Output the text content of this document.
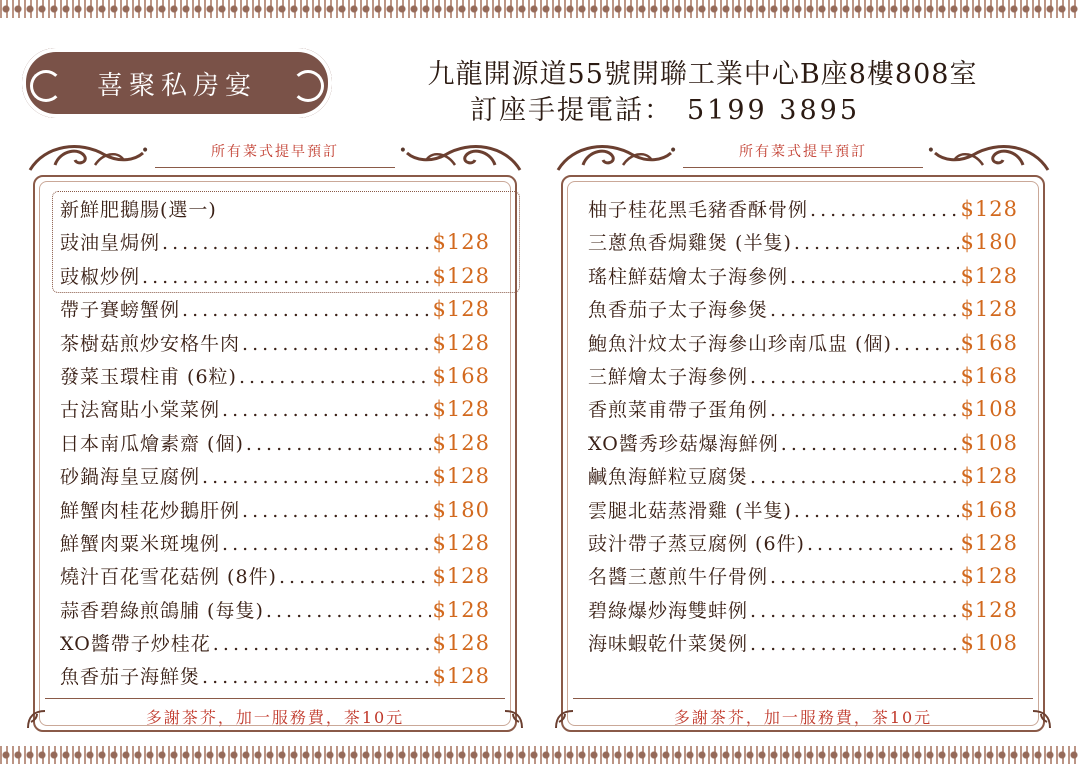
喜聚私房宴	九龍開源道55號開聯工業中心B座8樓808室
訂座手提電話： 5199 3895
• 所有菜式提早預訂 •
新鮮肥鵝腸(選一)
豉油皇焗例 . . .	$128
豉椒炒例 . . .	$128
帶子賽螃蟹例 . . .	$128
茶樹菇煎炒安格牛肉 . . .	$128
發菜玉環柱甫 (6粒) . . .	$168
古法窩貼小棠菜例 . . .	$128
日本南瓜燴素齋 (個) . . .	$128
砂鍋海皇豆腐例 . . .	$128
鮮蟹肉桂花炒鵝肝例 . . .	$180
鮮蟹肉粟米斑塊例 . . .	$128
燒汁百花雪花菇例 (8件) . . .	$128
蒜香碧綠煎鴿脯 (每隻) . . .	$128
XO醬帶子炒桂花 . . .	$128
魚香茄子海鮮煲 . . .	$128
多謝茶芥，加一服務費，茶10元
• 所有菜式提早預訂 •
柚子桂花黑毛豬香酥骨例 . . .	$128
三蔥魚香焗雞煲 (半隻) . . .	$180
瑤柱鮮菇燴太子海參例 . . .	$128
魚香茄子太子海參煲 . . .	$128
鮑魚汁炆太子海參山珍南瓜盅 (個) . . .	$168
三鮮燴太子海參例 . . .	$168
香煎菜甫帶子蛋角例 . . .	$108
XO醬秀珍菇爆海鮮例 . . .	$108
鹹魚海鮮粒豆腐煲 . . .	$128
雲腿北菇蒸滑雞 (半隻) . . .	$168
豉汁帶子蒸豆腐例 (6件) . . .	$128
名醬三蔥煎牛仔骨例 . . .	$128
碧綠爆炒海雙蚌例 . . .	$128
海味蝦乾什菜煲例 . . .	$108
多謝茶芥，加一服務費，茶10元
